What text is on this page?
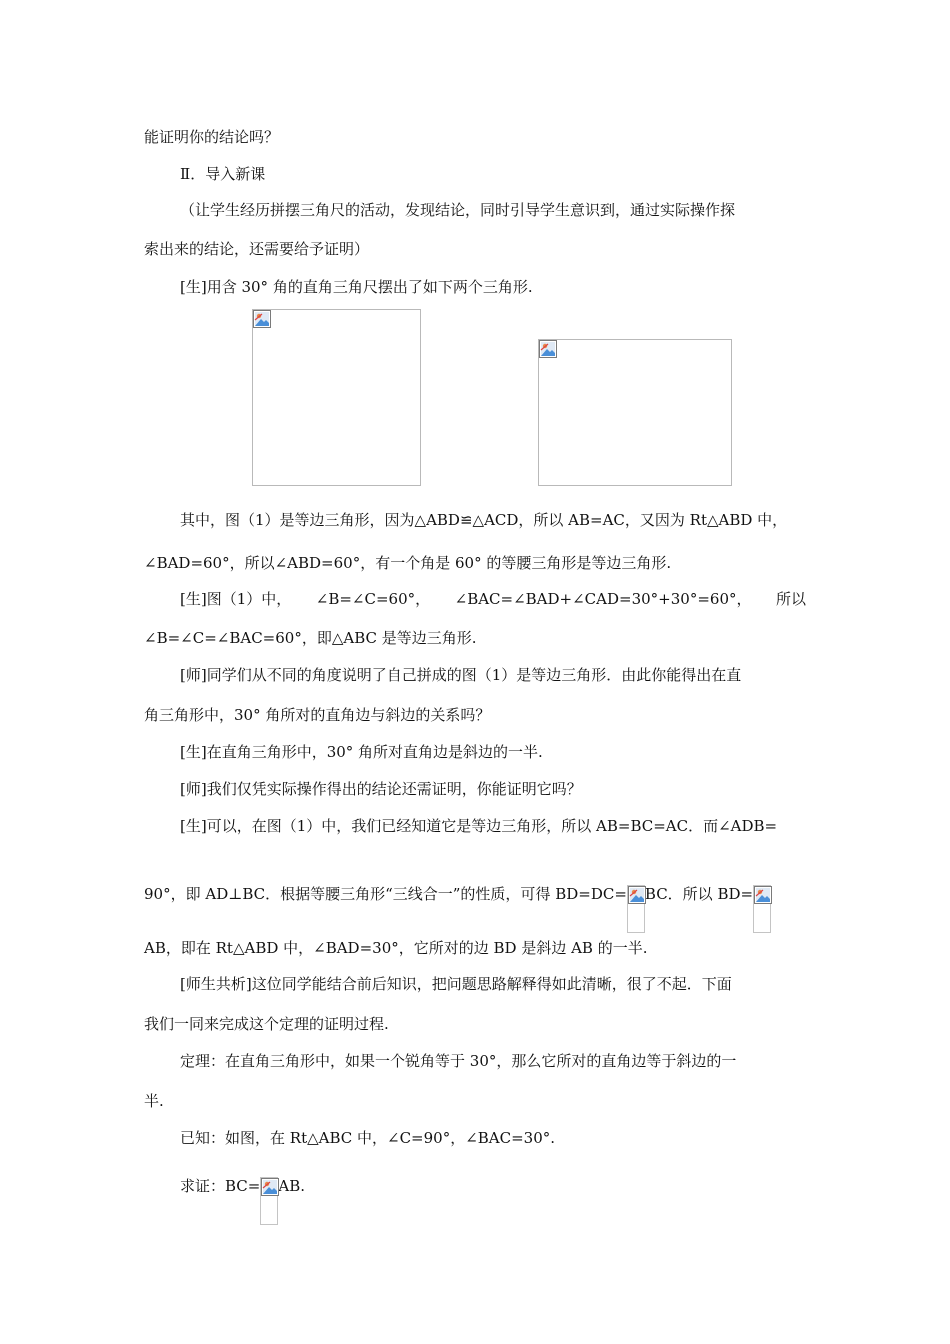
能证明你的结论吗？
Ⅱ．导入新课
（让学生经历拼摆三角尺的活动，发现结论，同时引导学生意识到，通过实际操作探
索出来的结论，还需要给予证明）
[生]用含 30° 角的直角三角尺摆出了如下两个三角形.
其中，图（1）是等边三角形，因为△ABD≌△ACD，所以 AB=AC，又因为 Rt△ABD 中，
∠BAD=60°，所以∠ABD=60°，有一个角是 60° 的等腰三角形是等边三角形.
[生]图（1）中， ∠B=∠C=60°， ∠BAC=∠BAD+∠CAD=30°+30°=60°， 所以
∠B=∠C=∠BAC=60°，即△ABC 是等边三角形.
[师]同学们从不同的角度说明了自己拼成的图（1）是等边三角形．由此你能得出在直
角三角形中，30° 角所对的直角边与斜边的关系吗？
[生]在直角三角形中，30° 角所对直角边是斜边的一半.
[师]我们仅凭实际操作得出的结论还需证明，你能证明它吗？
[生]可以，在图（1）中，我们已经知道它是等边三角形，所以 AB=BC=AC．而∠ADB=
90°，即 AD⊥BC．根据等腰三角形“三线合一”的性质，可得 BD=DC= BC．所以 BD=
AB，即在 Rt△ABD 中，∠BAD=30°，它所对的边 BD 是斜边 AB 的一半.
[师生共析]这位同学能结合前后知识，把问题思路解释得如此清晰，很了不起．下面
我们一同来完成这个定理的证明过程.
定理：在直角三角形中，如果一个锐角等于 30°，那么它所对的直角边等于斜边的一
半.
已知：如图，在 Rt△ABC 中，∠C=90°，∠BAC=30°.
求证：BC= AB.
